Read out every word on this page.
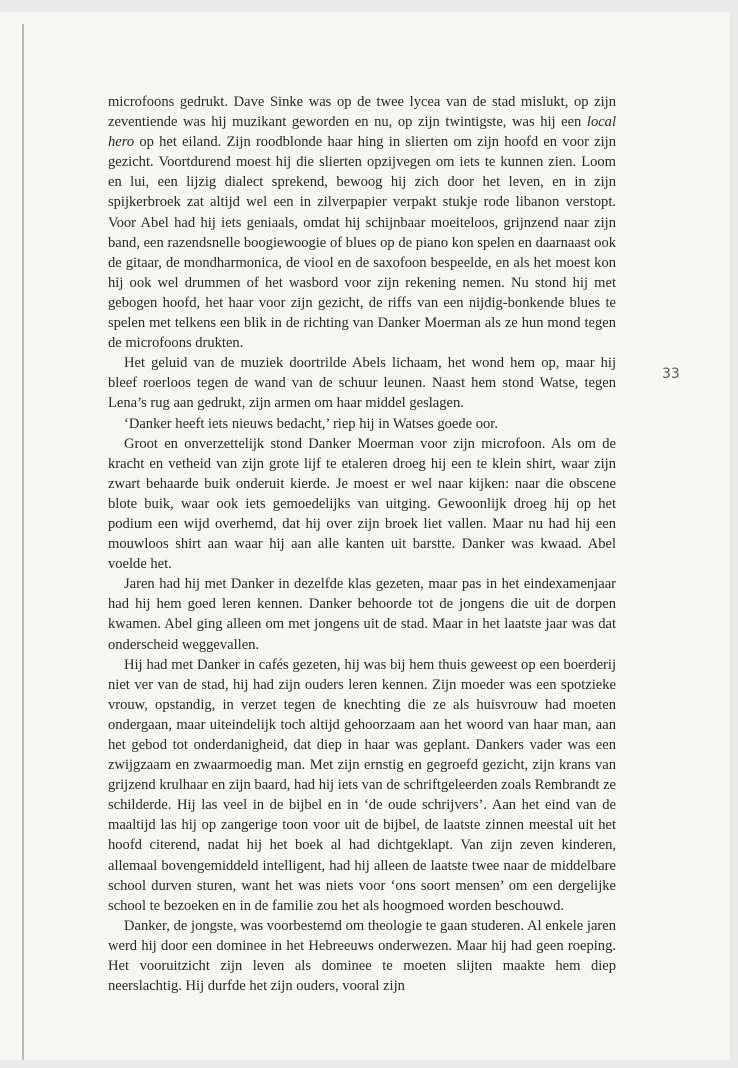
microfoons gedrukt. Dave Sinke was op de twee lycea van de stad mislukt, op zijn zeventiende was hij muzikant geworden en nu, op zijn twintigste, was hij een local hero op het eiland. Zijn roodblonde haar hing in slierten om zijn hoofd en voor zijn gezicht. Voortdurend moest hij die slierten opzijvegen om iets te kunnen zien. Loom en lui, een lijzig dialect sprekend, bewoog hij zich door het leven, en in zijn spijkerbroek zat altijd wel een in zilverpapier verpakt stukje rode libanon verstopt. Voor Abel had hij iets geniaals, omdat hij schijnbaar moeiteloos, grijnzend naar zijn band, een razendsnelle boogiewoogie of blues op de piano kon spelen en daarnaast ook de gitaar, de mondharmonica, de viool en de saxofoon bespeelde, en als het moest kon hij ook wel drummen of het wasbord voor zijn rekening nemen. Nu stond hij met gebogen hoofd, het haar voor zijn gezicht, de riffs van een nijdig-bonkende blues te spelen met telkens een blik in de richting van Danker Moerman als ze hun mond tegen de microfoons drukten.

Het geluid van de muziek doortrilde Abels lichaam, het wond hem op, maar hij bleef roerloos tegen de wand van de schuur leunen. Naast hem stond Watse, tegen Lena’s rug aan gedrukt, zijn armen om haar middel geslagen.

‘Danker heeft iets nieuws bedacht,’ riep hij in Watses goede oor.

Groot en onverzettelijk stond Danker Moerman voor zijn microfoon. Als om de kracht en vetheid van zijn grote lijf te etaleren droeg hij een te klein shirt, waar zijn zwart behaarde buik onderuit kierde. Je moest er wel naar kijken: naar die obscene blote buik, waar ook iets gemoedelijks van uitging. Gewoonlijk droeg hij op het podium een wijd overhemd, dat hij over zijn broek liet vallen. Maar nu had hij een mouwloos shirt aan waar hij aan alle kanten uit barstte. Danker was kwaad. Abel voelde het.

Jaren had hij met Danker in dezelfde klas gezeten, maar pas in het eindexamenjaar had hij hem goed leren kennen. Danker behoorde tot de jongens die uit de dorpen kwamen. Abel ging alleen om met jongens uit de stad. Maar in het laatste jaar was dat onderscheid weggevallen.

Hij had met Danker in cafés gezeten, hij was bij hem thuis geweest op een boerderij niet ver van de stad, hij had zijn ouders leren kennen. Zijn moeder was een spotzieke vrouw, opstandig, in verzet tegen de knechting die ze als huisvrouw had moeten ondergaan, maar uiteindelijk toch altijd gehoorzaam aan het woord van haar man, aan het gebod tot onderdanigheid, dat diep in haar was geplant. Dankers vader was een zwijgzaam en zwaarmoedig man. Met zijn ernstig en gegroefd gezicht, zijn krans van grijzend krulhaar en zijn baard, had hij iets van de schriftgeleerden zoals Rembrandt ze schilderde. Hij las veel in de bijbel en in ‘de oude schrijvers’. Aan het eind van de maaltijd las hij op zangerige toon voor uit de bijbel, de laatste zinnen meestal uit het hoofd citerend, nadat hij het boek al had dichtgeklapt. Van zijn zeven kinderen, allemaal bovengemiddeld intelligent, had hij alleen de laatste twee naar de middelbare school durven sturen, want het was niets voor ‘ons soort mensen’ om een dergelijke school te bezoeken en in de familie zou het als hoogmoed worden beschouwd.

Danker, de jongste, was voorbestemd om theologie te gaan studeren. Al enkele jaren werd hij door een dominee in het Hebreeuws onderwezen. Maar hij had geen roeping. Het vooruitzicht zijn leven als dominee te moeten slijten maakte hem diep neerslachtig. Hij durfde het zijn ouders, vooral zijn

33
